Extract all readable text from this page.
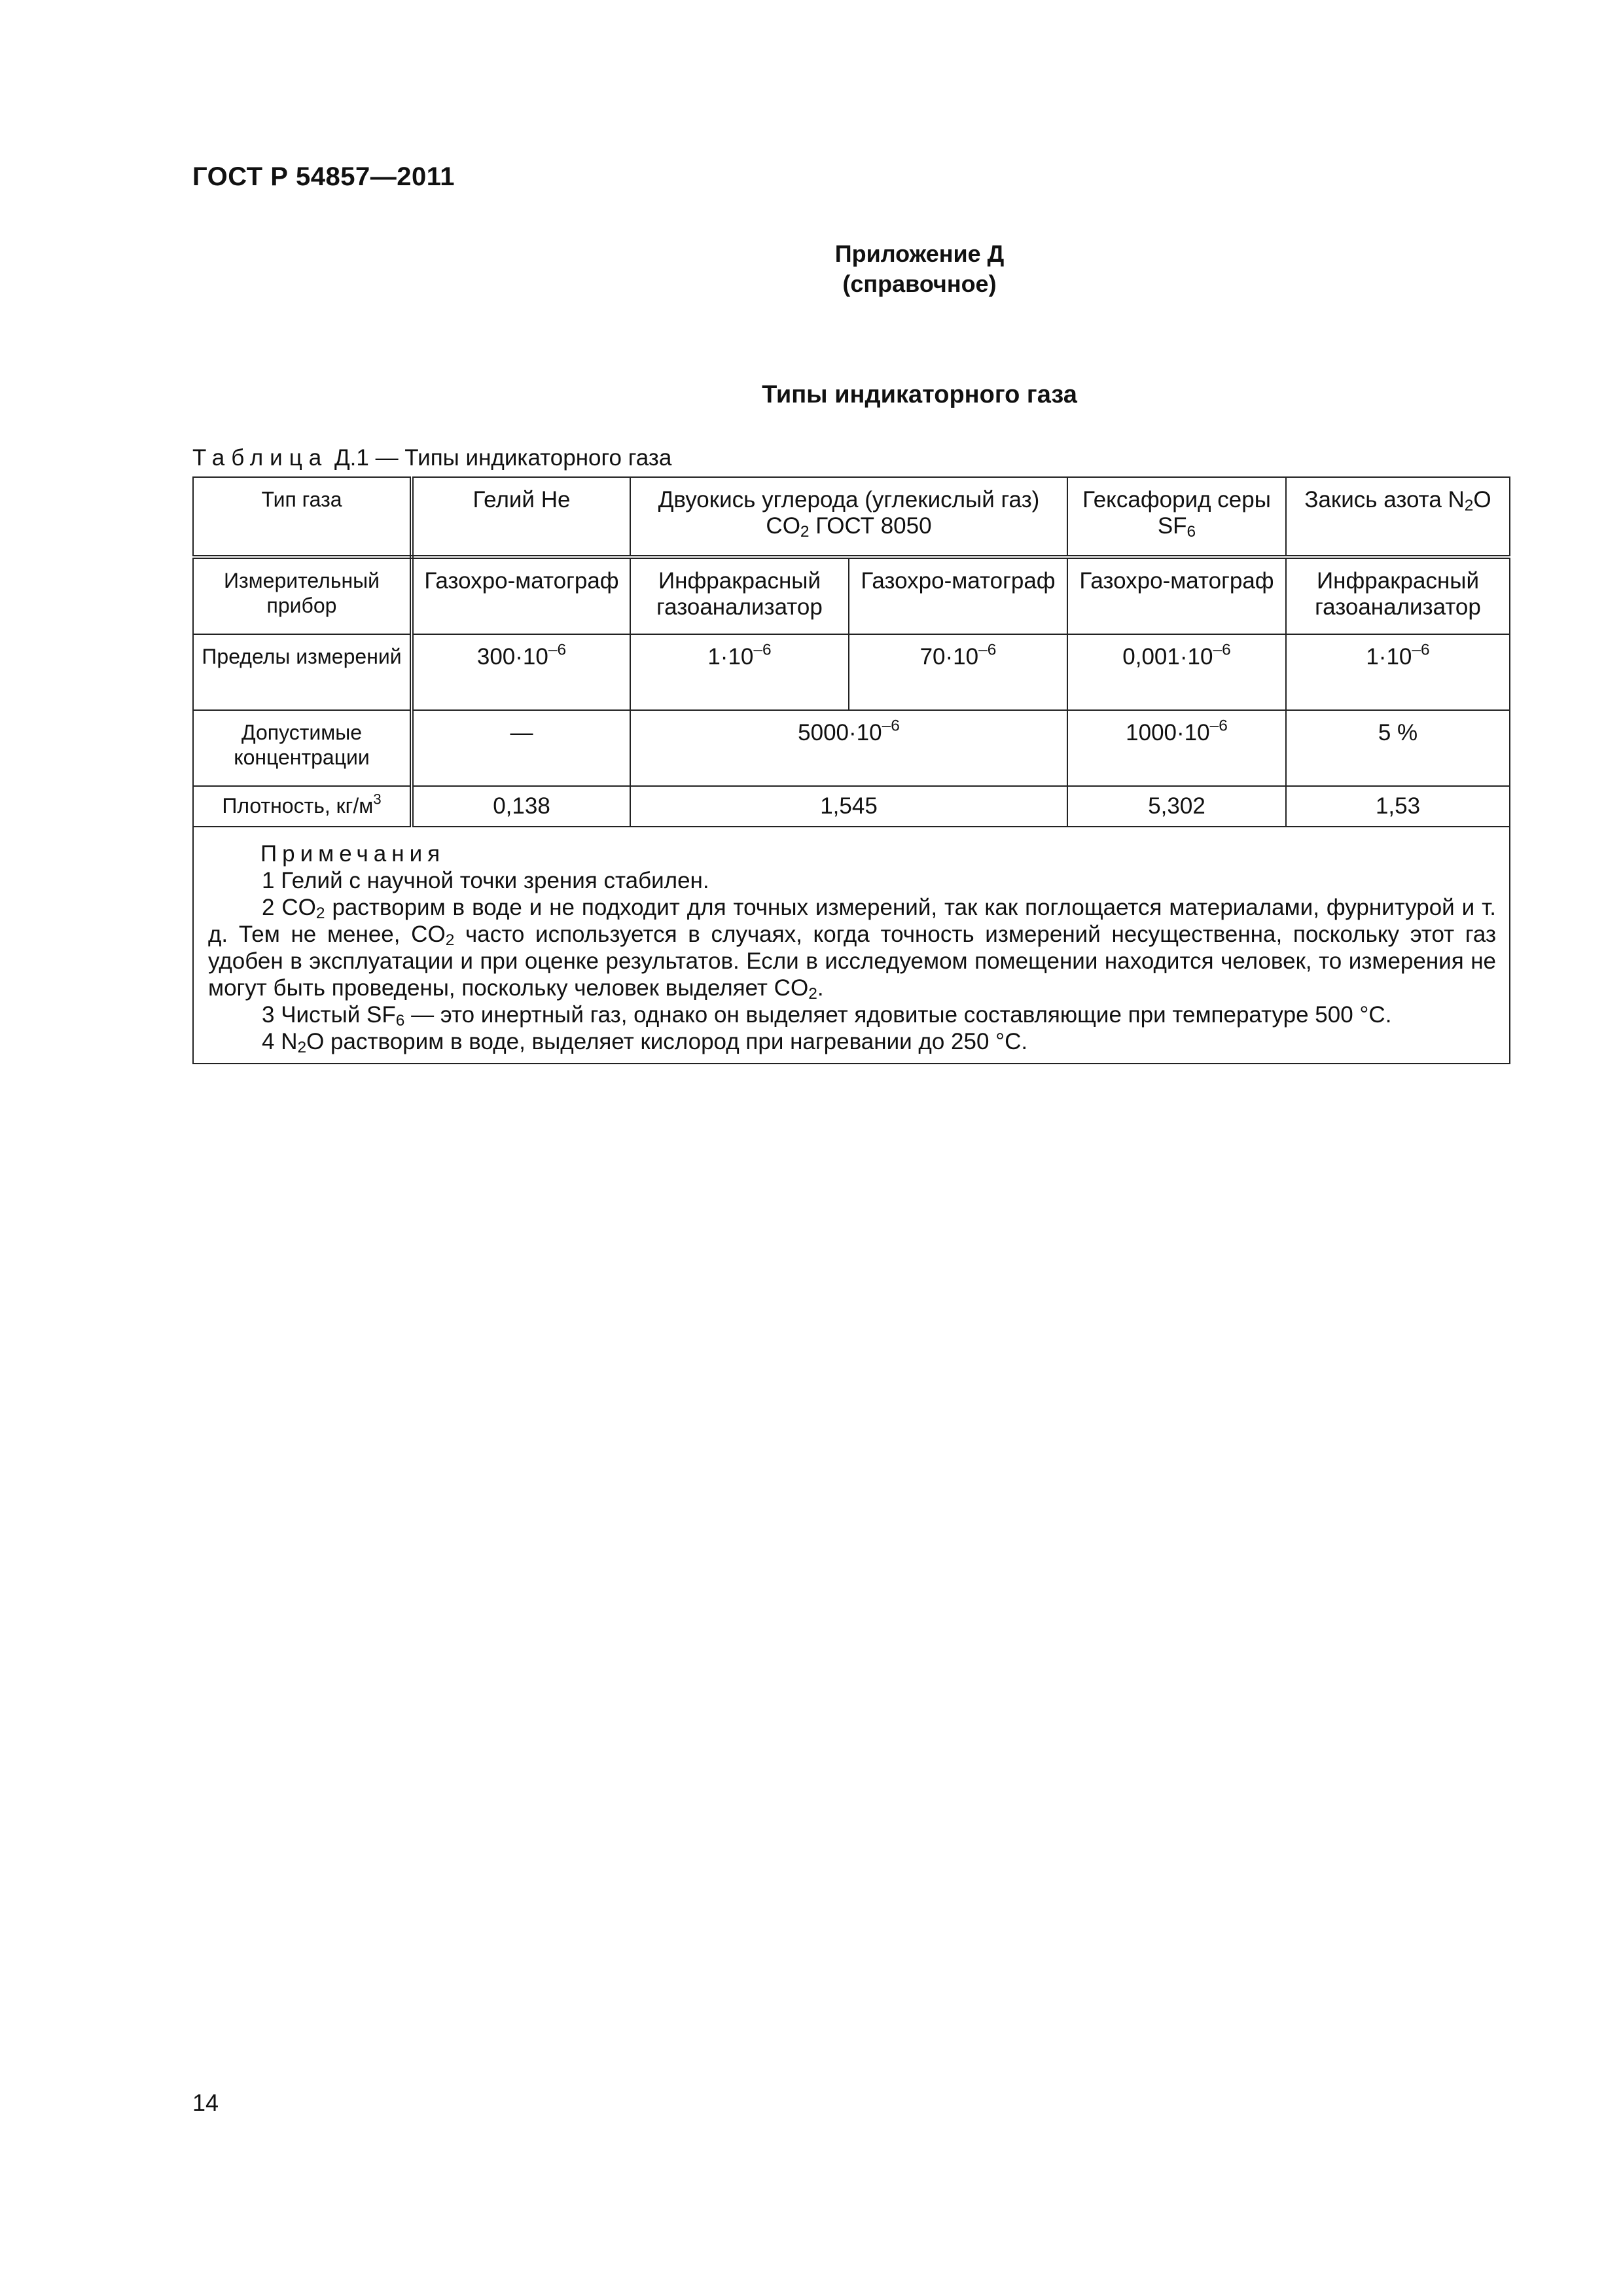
ГОСТ Р 54857—2011
Приложение Д
(справочное)
Типы индикаторного газа
Таблица Д.1 — Типы индикаторного газа
Тип газа	Гелий Не	Двуокись углерода (углекислый газ) $CO_2$ ГОСТ 8050		Гексафорид серы $SF_6$	Закись азота $N_2O$
Измерительный прибор	Газохро-матограф	Инфракрасный газоанализатор	Газохро-матограф	Газохро-матограф	Инфракрасный газоанализатор
Пределы измерений	$300\cdot 10^{-6}$	$1\cdot 10^{-6}$	$70\cdot 10^{-6}$	$0,001\cdot 10^{-6}$	$1\cdot 10^{-6}$
Допустимые концентрации	—	$5000\cdot 10^{-6}$		$1000\cdot 10^{-6}$	5 %
Плотность, $кг/м^3$	0,138	1,545		5,302	1,53

Примечания
1 Гелий с научной точки зрения стабилен.
2 $CO_2$ растворим в воде и не подходит для точных измерений, так как поглощается материалами, фурнитурой и т. д. Тем не менее, $CO_2$ часто используется в случаях, когда точность измерений несущественна, поскольку этот газ удобен в эксплуатации и при оценке результатов. Если в исследуемом помещении находится человек, то измерения не могут быть проведены, поскольку человек выделяет $CO_2$.
3 Чистый $SF_6$ — это инертный газ, однако он выделяет ядовитые составляющие при температуре 500 °C.
4 $N_2O$ растворим в воде, выделяет кислород при нагревании до 250 °C.					
14
